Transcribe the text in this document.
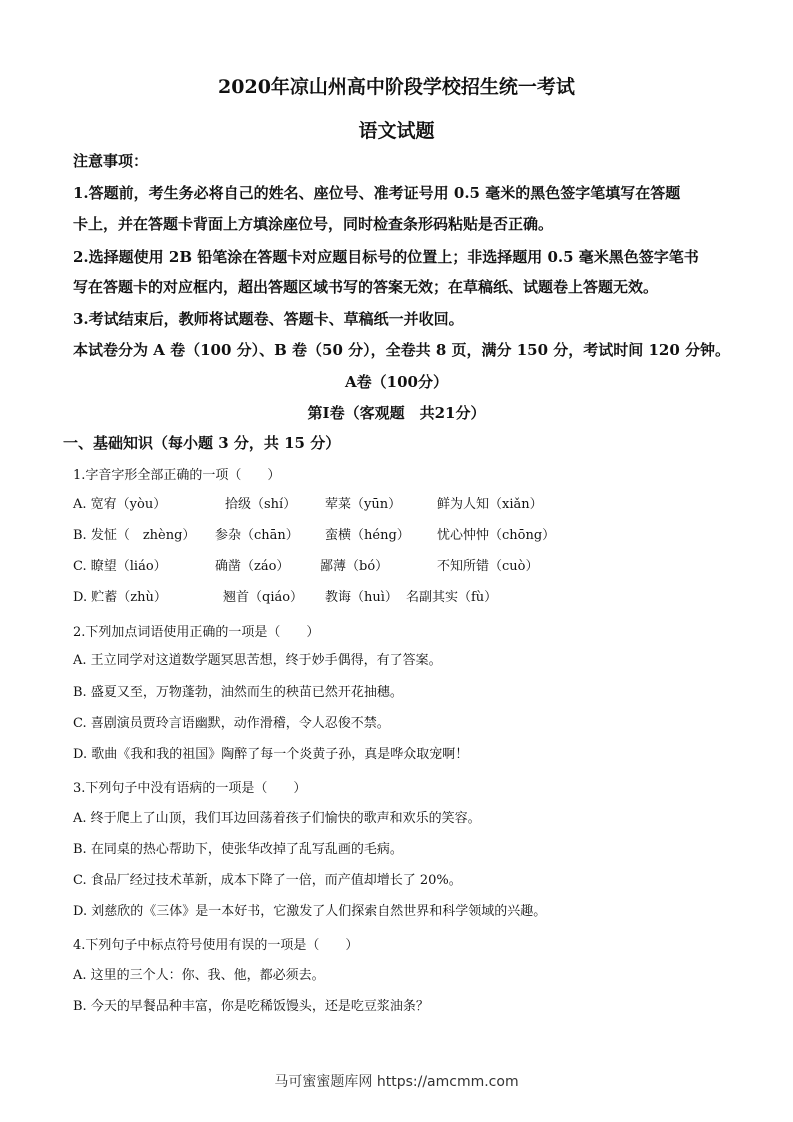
2020年凉山州高中阶段学校招生统一考试
语文试题
注意事项：
1.答题前，考生务必将自己的姓名、座位号、准考证号用 0.5 毫米的黑色签字笔填写在答题
卡上，并在答题卡背面上方填涂座位号，同时检查条形码粘贴是否正确。
2.选择题使用 2B 铅笔涂在答题卡对应题目标号的位置上；非选择题用 0.5 毫米黑色签字笔书
写在答题卡的对应框内，超出答题区域书写的答案无效；在草稿纸、试题卷上答题无效。
3.考试结束后，教师将试题卷、答题卡、草稿纸一并收回。
本试卷分为 A 卷（100 分）、B 卷（50 分），全卷共 8 页，满分 150 分，考试时间 120 分钟。
A卷（100分）
第Ⅰ卷（客观题　共21分）
一、基础知识（每小题 3 分，共 15 分）
1.字音字形全部正确的一项（　　）
A. 宽宥（yòu）	拾级（shí） 荤菜（yūn）	鲜为人知（xiǎn）
B. 发怔（　zhèng） 参杂（chān） 蛮横（héng） 忧心忡忡（chōng）
C. 瞭望（liáo）	确凿（záo） 鄙薄（bó）	不知所错（cuò）
D. 贮蓄（zhù）	翘首（qiáo） 教诲（huì） 名副其实（fù）
2.下列加点词语使用正确的一项是（　　）
A. 王立同学对这道数学题冥思苦想，终于妙手偶得，有了答案。
B. 盛夏又至，万物蓬勃，油然而生的秧苗已然开花抽穗。
C. 喜剧演员贾玲言语幽默，动作滑稽，令人忍俊不禁。
D. 歌曲《我和我的祖国》陶醉了每一个炎黄子孙，真是哗众取宠啊！
3.下列句子中没有语病的一项是（　　）
A. 终于爬上了山顶，我们耳边回荡着孩子们愉快的歌声和欢乐的笑容。
B. 在同桌的热心帮助下，使张华改掉了乱写乱画的毛病。
C. 食品厂经过技术革新，成本下降了一倍，而产值却增长了 20%。
D. 刘慈欣的《三体》是一本好书，它激发了人们探索自然世界和科学领域的兴趣。
4.下列句子中标点符号使用有误的一项是（　　）
A. 这里的三个人：你、我、他，都必须去。
B. 今天的早餐品种丰富，你是吃稀饭馒头，还是吃豆浆油条？
马可蜜蜜题库网 https://amcmm.com
